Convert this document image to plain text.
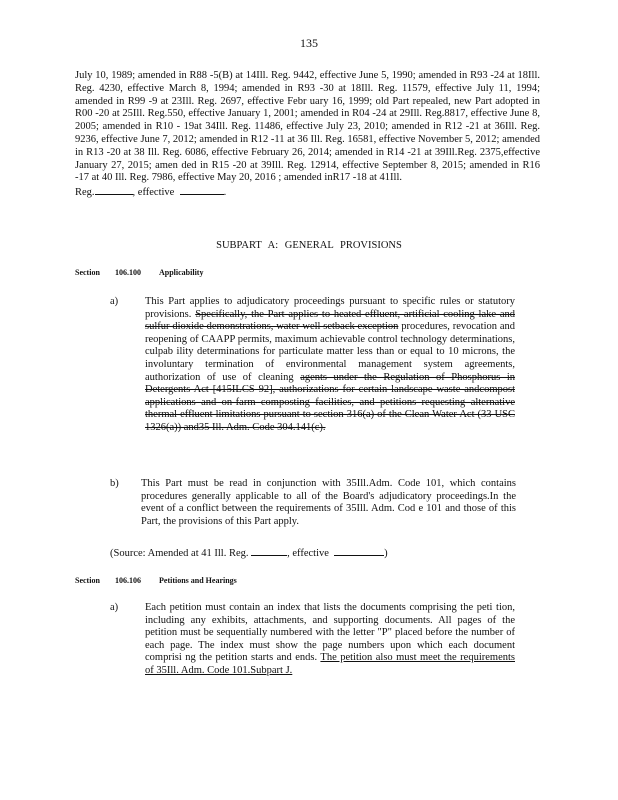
135
July 10, 1989; amended in R88 -5(B) at 14Ill. Reg. 9442, effective June 5, 1990; amended in R93 -24 at 18Ill. Reg. 4230, effective March 8, 1994; amended in R93 -30 at 18Ill. Reg. 11579, effective July 11, 1994; amended in R99 -9 at 23Ill. Reg. 2697, effective Febr uary 16, 1999; old Part repealed, new Part adopted in R00 -20 at 25Ill. Reg.550, effective January 1, 2001; amended in R04 -24 at 29Ill. Reg.8817, effective June 8, 2005; amended in R10 - 19at 34Ill. Reg. 11486, effective July 23, 2010; amended in R12 -21 at 36Ill. Reg. 9236, effective June 7, 2012; amended in R12 -11 at 36 Ill. Reg. 16581, effective November 5, 2012; amended in R13 -20 at 38 Ill. Reg. 6086, effective February 26, 2014; amended in R14 -21 at 39Ill.Reg. 2375,effective January 27, 2015; amen ded in R15 -20 at 39Ill. Reg. 12914, effective September 8, 2015; amended in R16 -17 at 40 Ill. Reg. 7986, effective May 20, 2016 ; amended inR17 -18 at 41Ill.
Reg.	, effective	.
SUBPART A: GENERAL PROVISIONS
Section 106.100 Applicability
a)	This Part applies to adjudicatory proceedings pursuant to specific rules or statutory provisions. Specifically, the Part applies to heated effluent, artificial cooling lake and sulfur dioxide demonstrations, water well setback exception procedures, revocation and reopening of CAAPP permits, maximum achievable control technology determinations, culpab ility determinations for particulate matter less than or equal to 10 microns, the involuntary termination of environmental management system agreements, authorization of use of cleaning agents under the Regulation of Phosphorus in Detergents Act [415ILCS 92], authorizations for certain landscape waste andcompost applications and on-farm composting facilities, and petitions requesting alternative thermal effluent limitations pursuant to section 316(a) of the Clean Water Act (33 USC 1326(a)) and35 Ill. Adm. Code 304.141(c).
b) This Part must be read in conjunction with 35Ill.Adm. Code 101, which contains procedures generally applicable to all of the Board's adjudicatory proceedings.In the event of a conflict between the requirements of 35Ill. Adm. Cod e 101 and those of this Part, the provisions of this Part apply.
(Source: Amended at 41 Ill. Reg.	, effective	)
Section 106.106 Petitions and Hearings
a)	Each petition must contain an index that lists the documents comprising the peti tion, including any exhibits, attachments, and supporting documents. All pages of the petition must be sequentially numbered with the letter "P" placed before the number of each page. The index must show the page numbers upon which each document comprisi ng the petition starts and ends. The petition also must meet the requirements of 35Ill. Adm. Code 101.Subpart J.
